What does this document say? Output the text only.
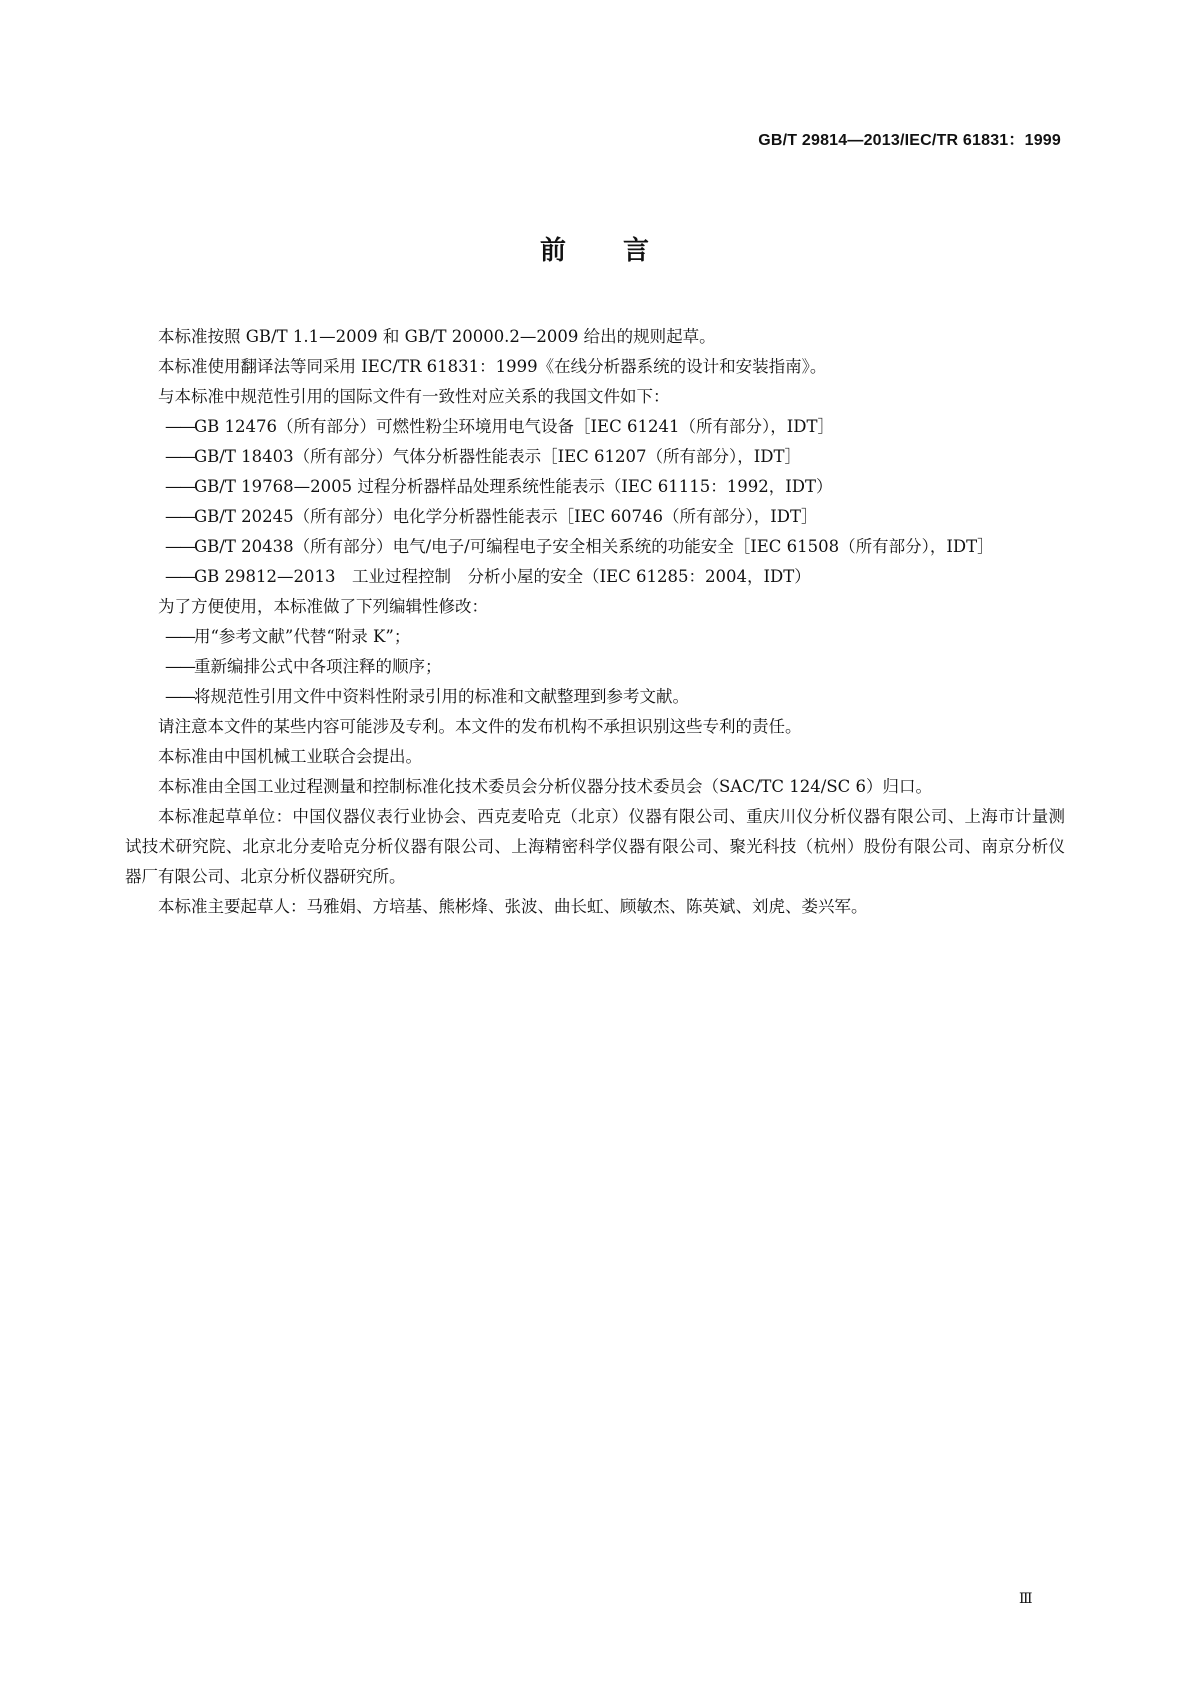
GB/T 29814—2013/IEC/TR 61831：1999
前 言

本标准按照 GB/T 1.1—2009 和 GB/T 20000.2—2009 给出的规则起草。

本标准使用翻译法等同采用 IEC/TR 61831：1999《在线分析器系统的设计和安装指南》。

与本标准中规范性引用的国际文件有一致性对应关系的我国文件如下：

——GB 12476（所有部分）可燃性粉尘环境用电气设备［IEC 61241（所有部分），IDT］

——GB/T 18403（所有部分）气体分析器性能表示［IEC 61207（所有部分），IDT］

——GB/T 19768—2005 过程分析器样品处理系统性能表示（IEC 61115：1992，IDT）

——GB/T 20245（所有部分）电化学分析器性能表示［IEC 60746（所有部分），IDT］

——GB/T 20438（所有部分）电气/电子/可编程电子安全相关系统的功能安全［IEC 61508（所有部分），IDT］

——GB 29812—2013　工业过程控制　分析小屋的安全（IEC 61285：2004，IDT）

为了方便使用，本标准做了下列编辑性修改：

——用“参考文献”代替“附录 K”；

——重新编排公式中各项注释的顺序；

——将规范性引用文件中资料性附录引用的标准和文献整理到参考文献。

请注意本文件的某些内容可能涉及专利。本文件的发布机构不承担识别这些专利的责任。

本标准由中国机械工业联合会提出。

本标准由全国工业过程测量和控制标准化技术委员会分析仪器分技术委员会（SAC/TC 124/SC 6）归口。

本标准起草单位：中国仪器仪表行业协会、西克麦哈克（北京）仪器有限公司、重庆川仪分析仪器有限公司、上海市计量测试技术研究院、北京北分麦哈克分析仪器有限公司、上海精密科学仪器有限公司、聚光科技（杭州）股份有限公司、南京分析仪器厂有限公司、北京分析仪器研究所。

本标准主要起草人：马雅娟、方培基、熊彬烽、张波、曲长虹、顾敏杰、陈英斌、刘虎、娄兴军。

Ⅲ
